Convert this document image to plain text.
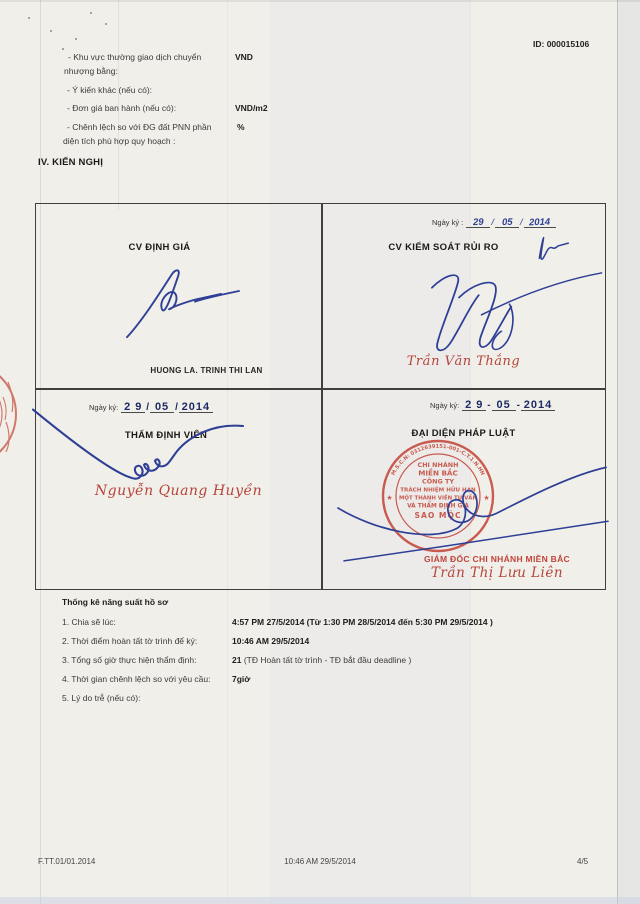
ID: 000015106
- Khu vực thường giao dịch chuyển
nhượng bằng:
VND
- Ý kiến khác (nếu có):
- Đơn giá ban hành (nếu có):	VND/m2
- Chênh lệch so với ĐG đất PNN phần
diện tích phù hợp quy hoạch :
%
IV. KIẾN NGHỊ
CV ĐỊNH GIÁ
HUONG LA. TRINH THI LAN
Ngày ký : 29 / 05 / 2014
CV KIỂM SOÁT RỦI RO
Trần Văn Thắng
Ngày ký: 2 9 / 05 / 2014
THẨM ĐỊNH VIÊN
Nguyễn Quang Huyền
Ngày ký: 2 9 - 05 - 2014
ĐẠI DIỆN PHÁP LUẬT
M.S.C.N: 0312639151-001-C.T.1.N.HN
★	★
CHI NHÁNH
MIỀN BẮC
CÔNG TY
TRÁCH NHIỆM HỮU HẠN
MỘT THÀNH VIÊN TƯ VẤN
VÀ THẨM ĐỊNH GIÁ
SAO MỘC
GIÁM ĐỐC CHI NHÁNH MIỀN BẮC
Trần Thị Lưu Liên
Thống kê năng suất hồ sơ
1. Chia sẽ lúc:	4:57 PM 27/5/2014 (Từ 1:30 PM 28/5/2014 đến 5:30 PM 29/5/2014 )
2. Thời điểm hoàn tất tờ trình để ký:	10:46 AM 29/5/2014
3. Tổng số giờ thực hiện thẩm định:	21 (TĐ Hoàn tất tờ trình - TĐ bắt đầu deadline )
4. Thời gian chênh lệch so với yêu cầu:	7giờ
5. Lý do trễ (nếu có):
F.TT.01/01.2014	10:46 AM 29/5/2014	4/5
